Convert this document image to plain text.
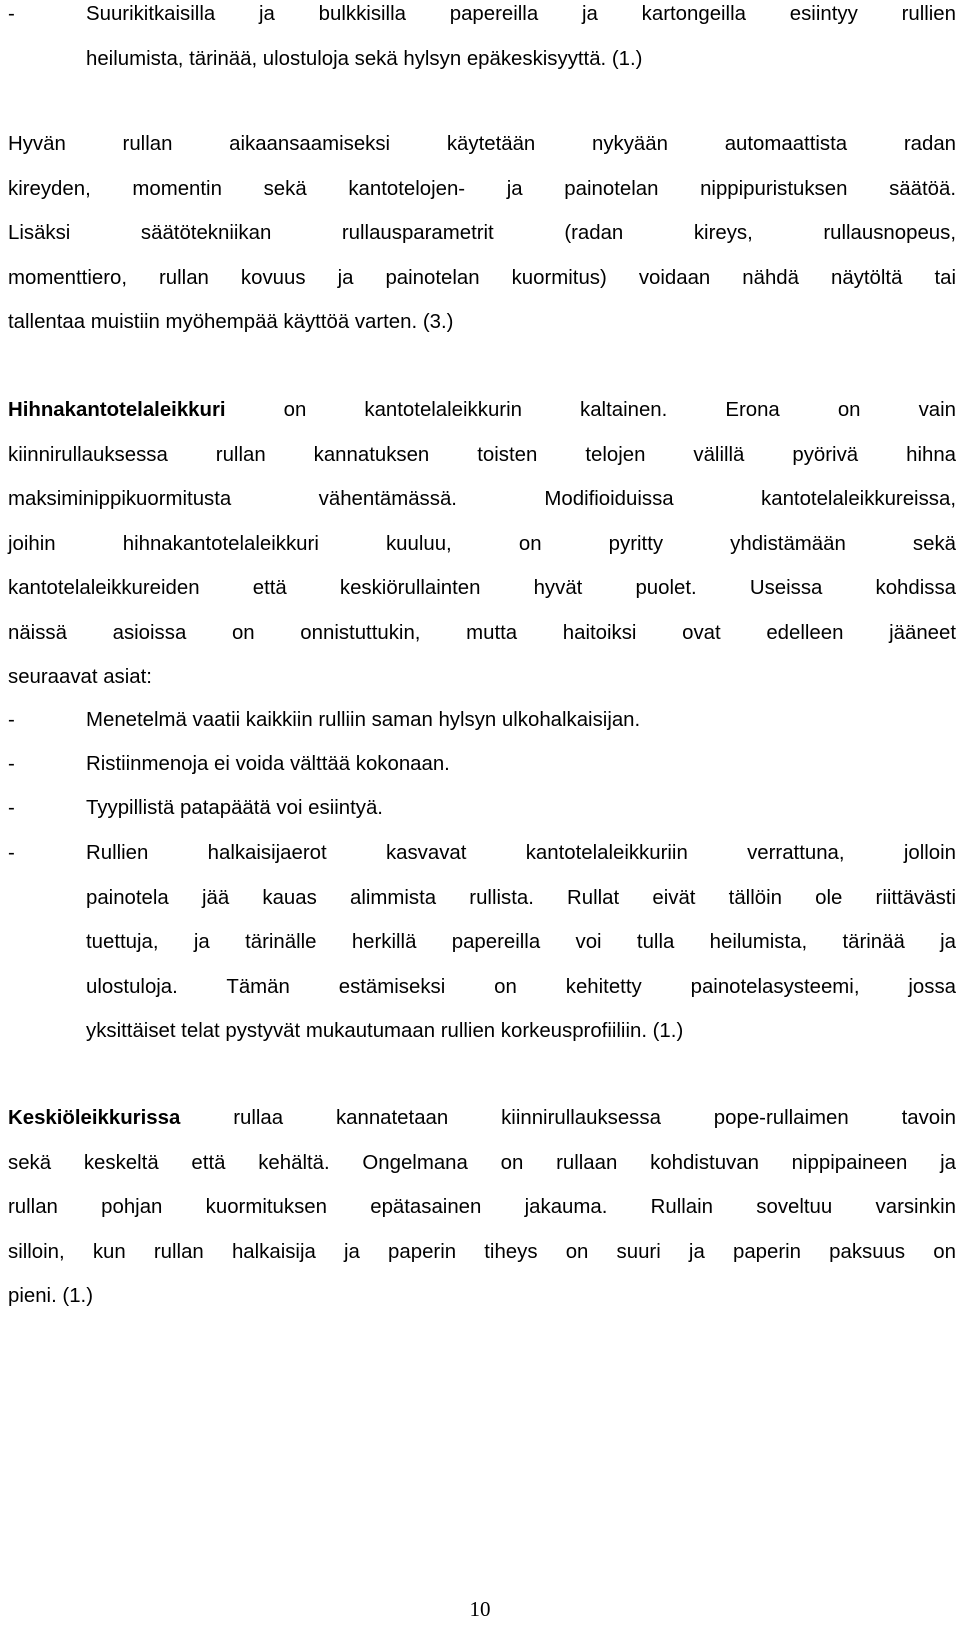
-	Suurikitkaisilla ja bulkkisilla papereilla ja kartongeilla esiintyy rullien
heilumista, tärinää, ulostuloja sekä hylsyn epäkeskisyyttä. (1.)
Hyvän rullan aikaansaamiseksi käytetään nykyään automaattista radan
kireyden, momentin sekä kantotelojen- ja painotelan nippipuristuksen säätöä.
Lisäksi säätötekniikan rullausparametrit (radan kireys, rullausnopeus,
momenttiero, rullan kovuus ja painotelan kuormitus) voidaan nähdä näytöltä tai
tallentaa muistiin myöhempää käyttöä varten. (3.)
Hihnakantotelaleikkuri on kantotelaleikkurin kaltainen. Erona on vain
kiinnirullauksessa rullan kannatuksen toisten telojen välillä pyörivä hihna
maksiminippikuormitusta vähentämässä. Modifioiduissa kantotelaleikkureissa,
joihin hihnakantotelaleikkuri kuuluu, on pyritty yhdistämään sekä
kantotelaleikkureiden että keskiörullainten hyvät puolet. Useissa kohdissa
näissä asioissa on onnistuttukin, mutta haitoiksi ovat edelleen jääneet
seuraavat asiat:
-	Menetelmä vaatii kaikkiin rulliin saman hylsyn ulkohalkaisijan.
-	Ristiinmenoja ei voida välttää kokonaan.
-	Tyypillistä patapäätä voi esiintyä.
-	Rullien halkaisijaerot kasvavat kantotelaleikkuriin verrattuna, jolloin
painotela jää kauas alimmista rullista. Rullat eivät tällöin ole riittävästi
tuettuja, ja tärinälle herkillä papereilla voi tulla heilumista, tärinää ja
ulostuloja. Tämän estämiseksi on kehitetty painotelasysteemi, jossa
yksittäiset telat pystyvät mukautumaan rullien korkeusprofiiliin. (1.)
Keskiöleikkurissa rullaa kannatetaan kiinnirullauksessa pope-rullaimen tavoin
sekä keskeltä että kehältä. Ongelmana on rullaan kohdistuvan nippipaineen ja
rullan pohjan kuormituksen epätasainen jakauma. Rullain soveltuu varsinkin
silloin, kun rullan halkaisija ja paperin tiheys on suuri ja paperin paksuus on
pieni. (1.)
10
